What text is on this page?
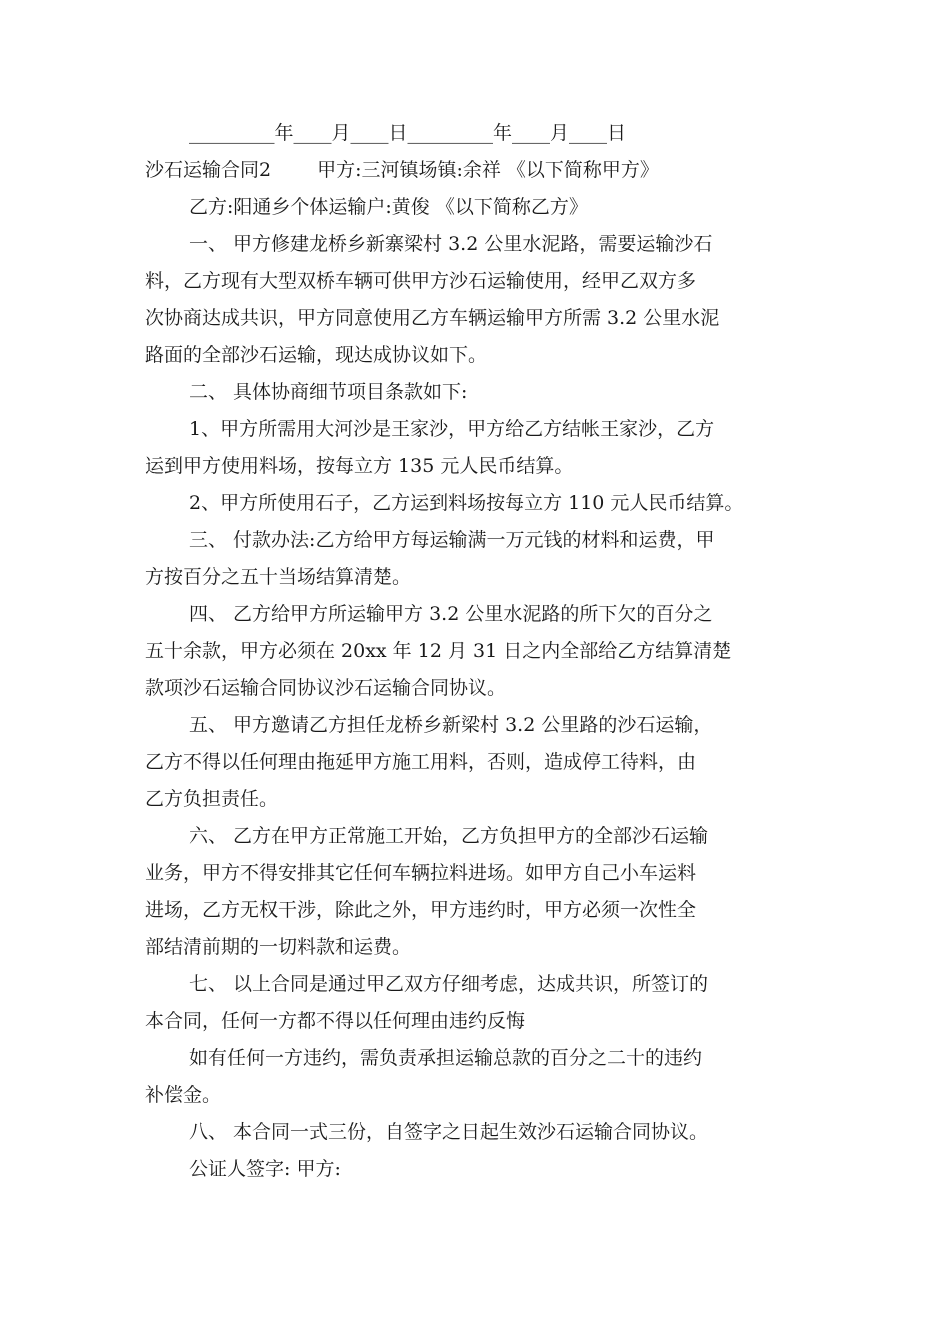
_________年____月____日_________年____月____日
沙石运输合同2 甲方:三河镇场镇:余祥 《以下简称甲方》
乙方:阳通乡个体运输户:黄俊 《以下简称乙方》
一、 甲方修建龙桥乡新寨梁村 3.2 公里水泥路，需要运输沙石
料，乙方现有大型双桥车辆可供甲方沙石运输使用，经甲乙双方多
次协商达成共识，甲方同意使用乙方车辆运输甲方所需 3.2 公里水泥
路面的全部沙石运输，现达成协议如下。
二、 具体协商细节项目条款如下:
1、甲方所需用大河沙是王家沙，甲方给乙方结帐王家沙，乙方
运到甲方使用料场，按每立方 135 元人民币结算。
2、甲方所使用石子，乙方运到料场按每立方 110 元人民币结算。
三、 付款办法:乙方给甲方每运输满一万元钱的材料和运费，甲
方按百分之五十当场结算清楚。
四、 乙方给甲方所运输甲方 3.2 公里水泥路的所下欠的百分之
五十余款，甲方必须在 20xx 年 12 月 31 日之内全部给乙方结算清楚
款项沙石运输合同协议沙石运输合同协议。
五、 甲方邀请乙方担任龙桥乡新梁村 3.2 公里路的沙石运输，
乙方不得以任何理由拖延甲方施工用料，否则，造成停工待料，由
乙方负担责任。
六、 乙方在甲方正常施工开始，乙方负担甲方的全部沙石运输
业务，甲方不得安排其它任何车辆拉料进场。如甲方自己小车运料
进场，乙方无权干涉，除此之外，甲方违约时，甲方必须一次性全
部结清前期的一切料款和运费。
七、 以上合同是通过甲乙双方仔细考虑，达成共识，所签订的
本合同，任何一方都不得以任何理由违约反悔
如有任何一方违约，需负责承担运输总款的百分之二十的违约
补偿金。
八、 本合同一式三份，自签字之日起生效沙石运输合同协议。
公证人签字: 甲方:
